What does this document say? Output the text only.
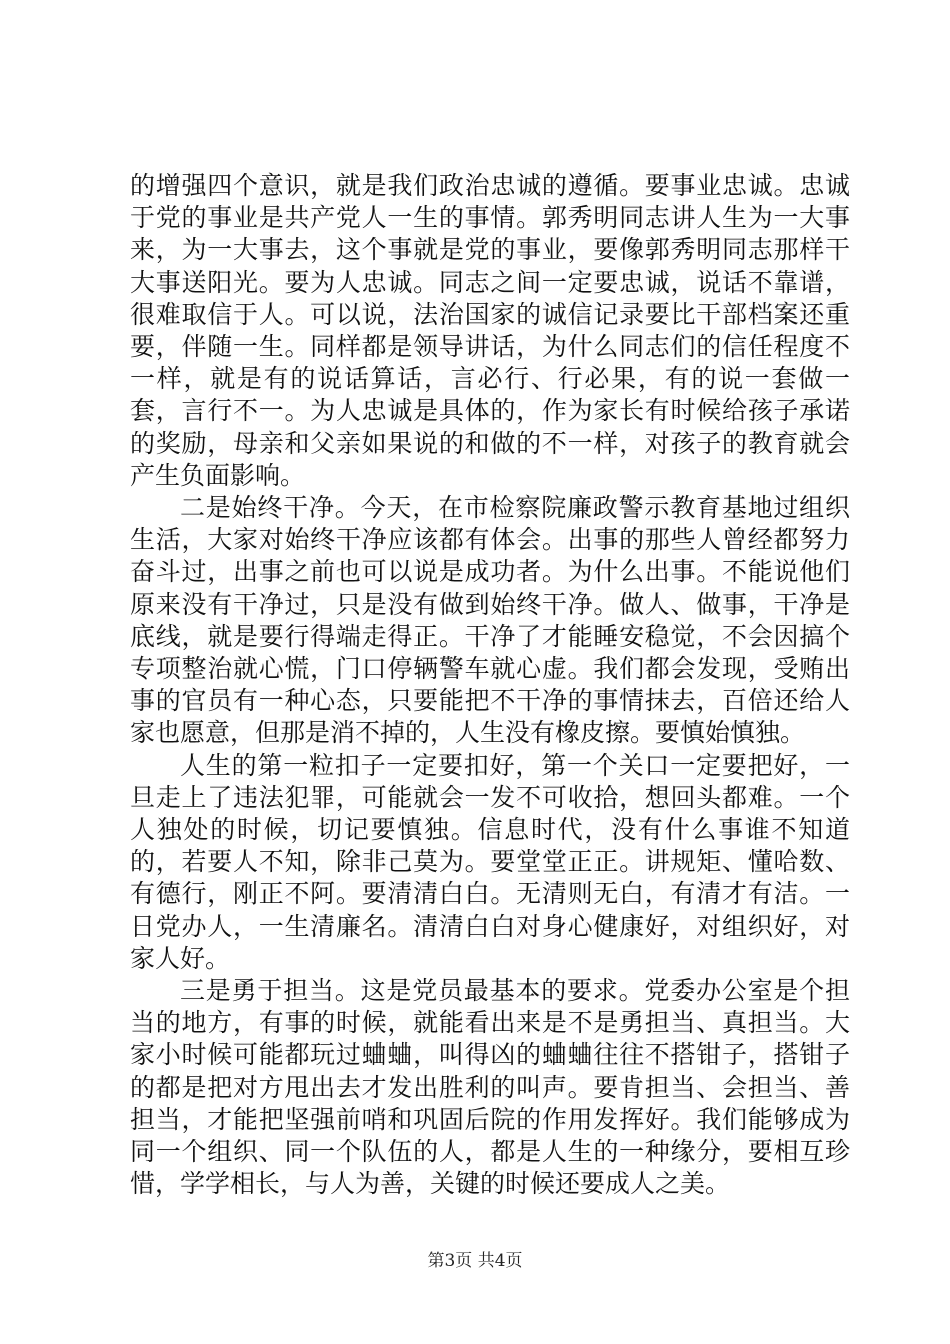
的增强四个意识，就是我们政治忠诚的遵循。要事业忠诚。忠诚于党的事业是共产党人一生的事情。郭秀明同志讲人生为一大事来，为一大事去，这个事就是党的事业，要像郭秀明同志那样干大事送阳光。要为人忠诚。同志之间一定要忠诚，说话不靠谱，很难取信于人。可以说，法治国家的诚信记录要比干部档案还重要，伴随一生。同样都是领导讲话，为什么同志们的信任程度不一样，就是有的说话算话，言必行、行必果，有的说一套做一套，言行不一。为人忠诚是具体的，作为家长有时候给孩子承诺的奖励，母亲和父亲如果说的和做的不一样，对孩子的教育就会产生负面影响。

二是始终干净。今天，在市检察院廉政警示教育基地过组织生活，大家对始终干净应该都有体会。出事的那些人曾经都努力奋斗过，出事之前也可以说是成功者。为什么出事。不能说他们原来没有干净过，只是没有做到始终干净。做人、做事，干净是底线，就是要行得端走得正。干净了才能睡安稳觉，不会因搞个专项整治就心慌，门口停辆警车就心虚。我们都会发现，受贿出事的官员有一种心态，只要能把不干净的事情抹去，百倍还给人家也愿意，但那是消不掉的，人生没有橡皮擦。要慎始慎独。

人生的第一粒扣子一定要扣好，第一个关口一定要把好，一旦走上了违法犯罪，可能就会一发不可收拾，想回头都难。一个人独处的时候，切记要慎独。信息时代，没有什么事谁不知道的，若要人不知，除非己莫为。要堂堂正正。讲规矩、懂哈数、有德行，刚正不阿。要清清白白。无清则无白，有清才有洁。一日党办人，一生清廉名。清清白白对身心健康好，对组织好，对家人好。

三是勇于担当。这是党员最基本的要求。党委办公室是个担当的地方，有事的时候，就能看出来是不是勇担当、真担当。大家小时候可能都玩过蛐蛐，叫得凶的蛐蛐往往不搭钳子，搭钳子的都是把对方甩出去才发出胜利的叫声。要肯担当、会担当、善担当，才能把坚强前哨和巩固后院的作用发挥好。我们能够成为同一个组织、同一个队伍的人，都是人生的一种缘分，要相互珍惜，学学相长，与人为善，关键的时候还要成人之美。

第3页 共4页
